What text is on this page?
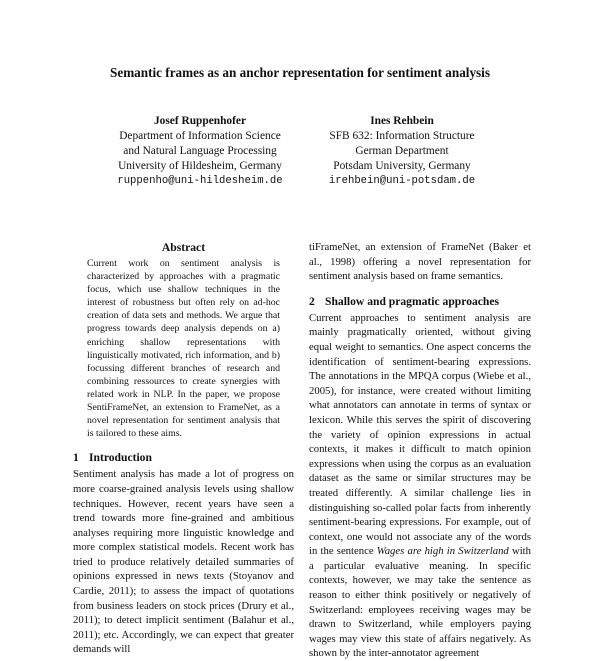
Semantic frames as an anchor representation for sentiment analysis
Josef Ruppenhofer
Department of Information Science
and Natural Language Processing
University of Hildesheim, Germany
ruppenho@uni-hildesheim.de
Ines Rehbein
SFB 632: Information Structure
German Department
Potsdam University, Germany
irehbein@uni-potsdam.de
Abstract

Current work on sentiment analysis is characterized by approaches with a pragmatic focus, which use shallow techniques in the interest of robustness but often rely on ad-hoc creation of data sets and methods. We argue that progress towards deep analysis depends on a) enriching shallow representations with linguistically motivated, rich information, and b) focussing different branches of research and combining ressources to create synergies with related work in NLP. In the paper, we propose SentiFrameNet, an extension to FrameNet, as a novel representation for sentiment analysis that is tailored to these aims.

1 Introduction

Sentiment analysis has made a lot of progress on more coarse-grained analysis levels using shallow techniques. However, recent years have seen a trend towards more fine-grained and ambitious analyses requiring more linguistic knowledge and more complex statistical models. Recent work has tried to produce relatively detailed summaries of opinions expressed in news texts (Stoyanov and Cardie, 2011); to assess the impact of quotations from business leaders on stock prices (Drury et al., 2011); to detect implicit sentiment (Balahur et al., 2011); etc. Accordingly, we can expect that greater demands will

tiFrameNet, an extension of FrameNet (Baker et al., 1998) offering a novel representation for sentiment analysis based on frame semantics.

2 Shallow and pragmatic approaches

Current approaches to sentiment analysis are mainly pragmatically oriented, without giving equal weight to semantics. One aspect concerns the identification of sentiment-bearing expressions. The annotations in the MPQA corpus (Wiebe et al., 2005), for instance, were created without limiting what annotators can annotate in terms of syntax or lexicon. While this serves the spirit of discovering the variety of opinion expressions in actual contexts, it makes it difficult to match opinion expressions when using the corpus as an evaluation dataset as the same or similar structures may be treated differently. A similar challenge lies in distinguishing so-called polar facts from inherently sentiment-bearing expressions. For example, out of context, one would not associate any of the words in the sentence Wages are high in Switzerland with a particular evaluative meaning. In specific contexts, however, we may take the sentence as reason to either think positively or negatively of Switzerland: employees receiving wages may be drawn to Switzerland, while employers paying wages may view this state of affairs negatively. As shown by the inter-annotator agreement
